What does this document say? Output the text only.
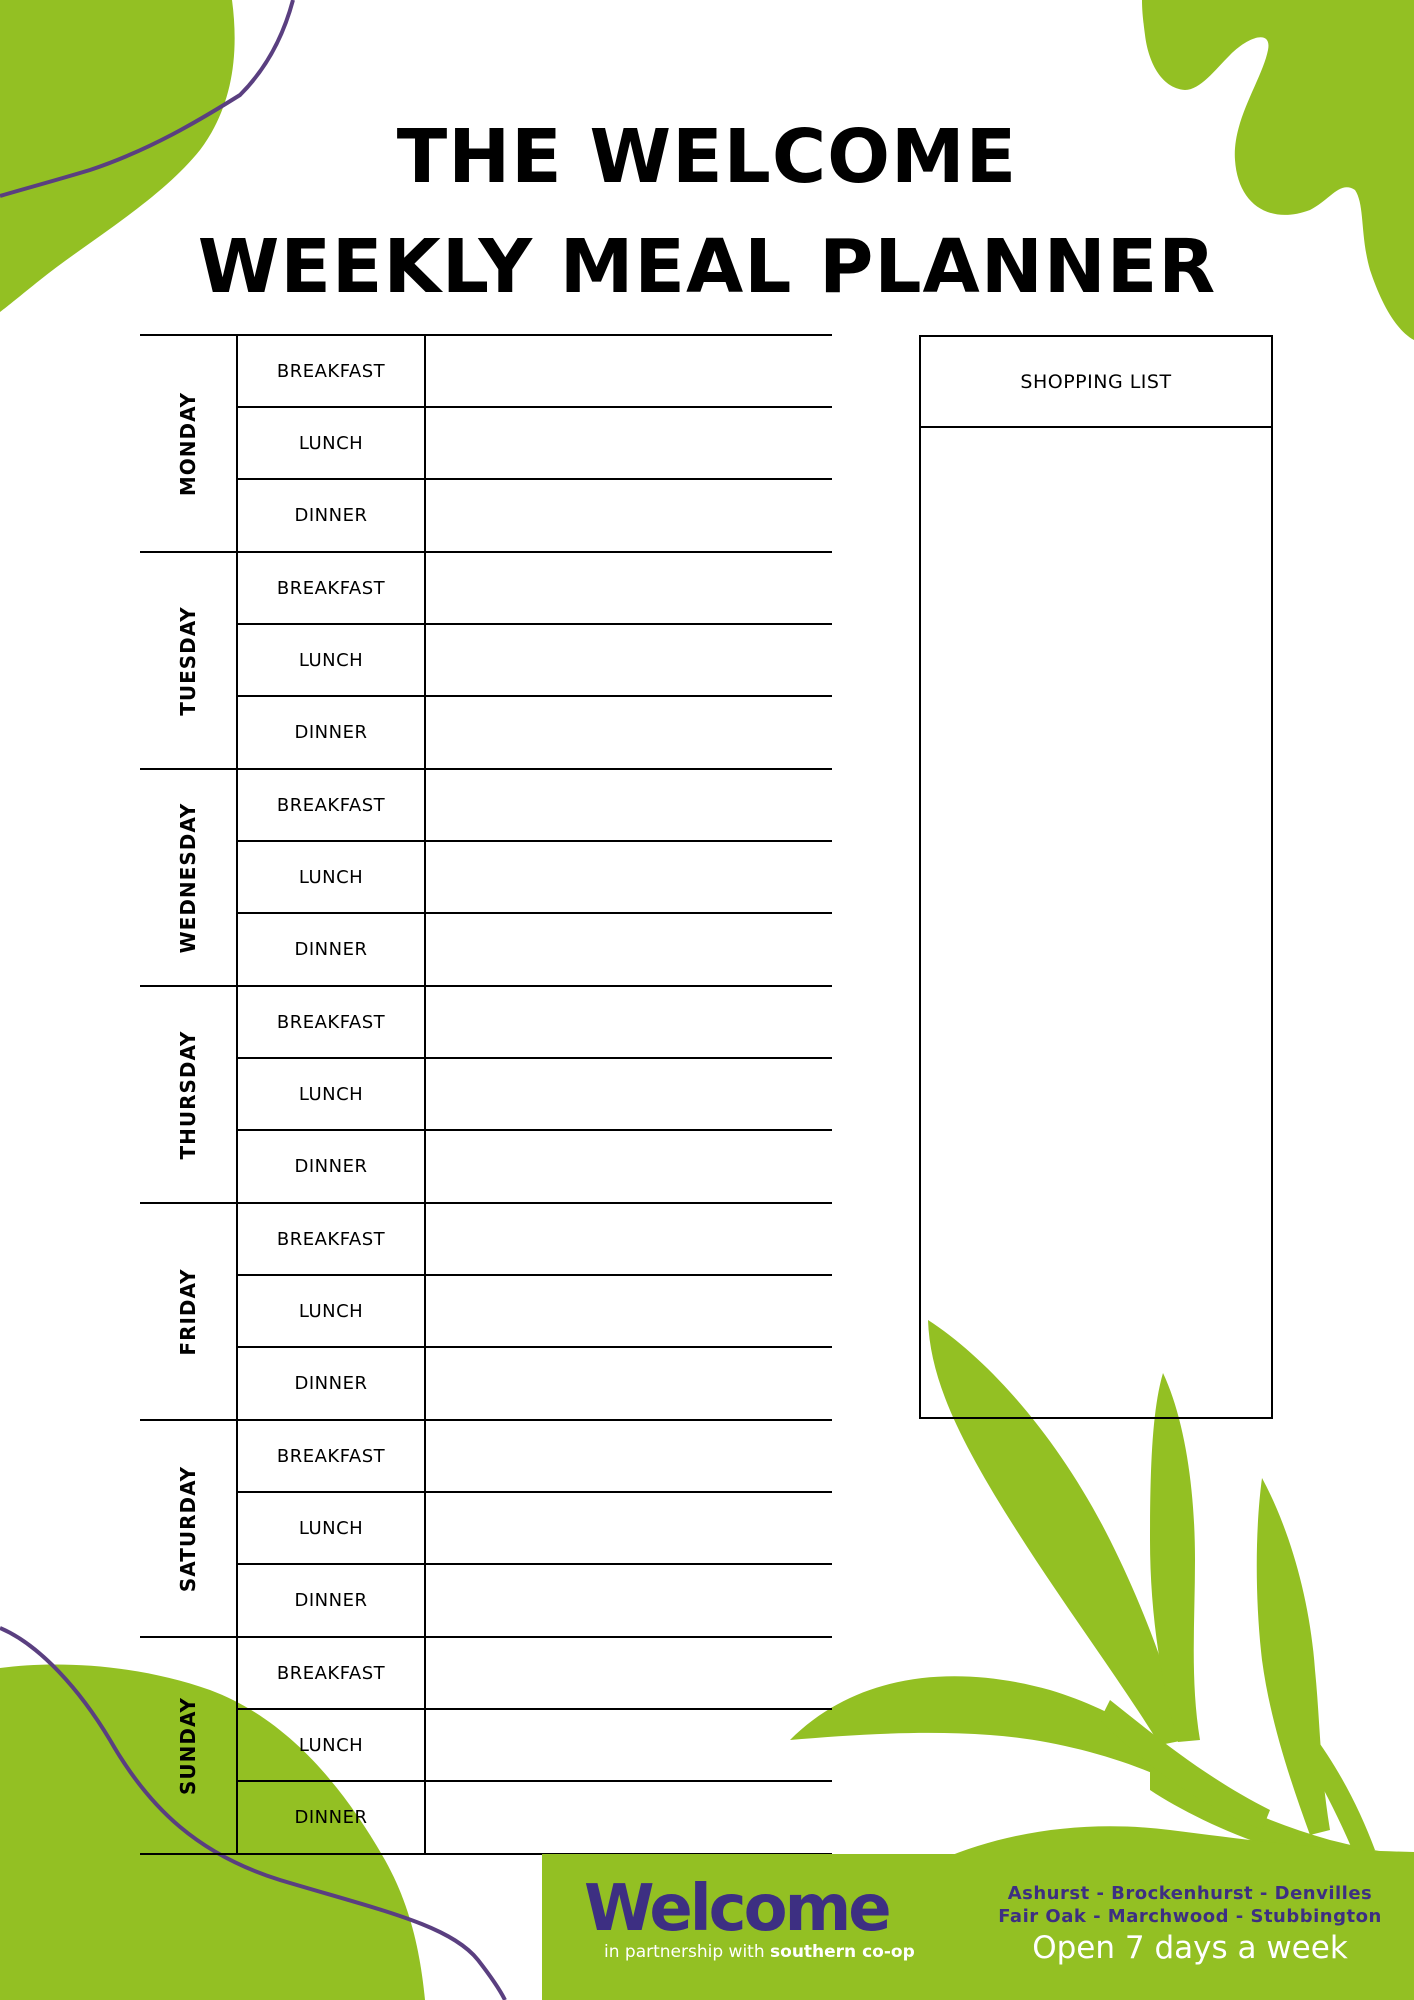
THE WELCOME
WEEKLY MEAL PLANNER
MONDAY
BREAKFAST
LUNCH
DINNER
TUESDAY
BREAKFAST
LUNCH
DINNER
WEDNESDAY	BREAKFAST
LUNCH
DINNER
THURSDAY
BREAKFAST
LUNCH
DINNER
FRIDAY
BREAKFAST
LUNCH
DINNER
SATURDAY
BREAKFAST
LUNCH
DINNER
SUNDAY
BREAKFAST
LUNCH
DINNER
SHOPPING LIST
Welcome
in partnership with southern co-op
Ashurst - Brockenhurst - Denvilles
Fair Oak - Marchwood - Stubbington
Open 7 days a week
